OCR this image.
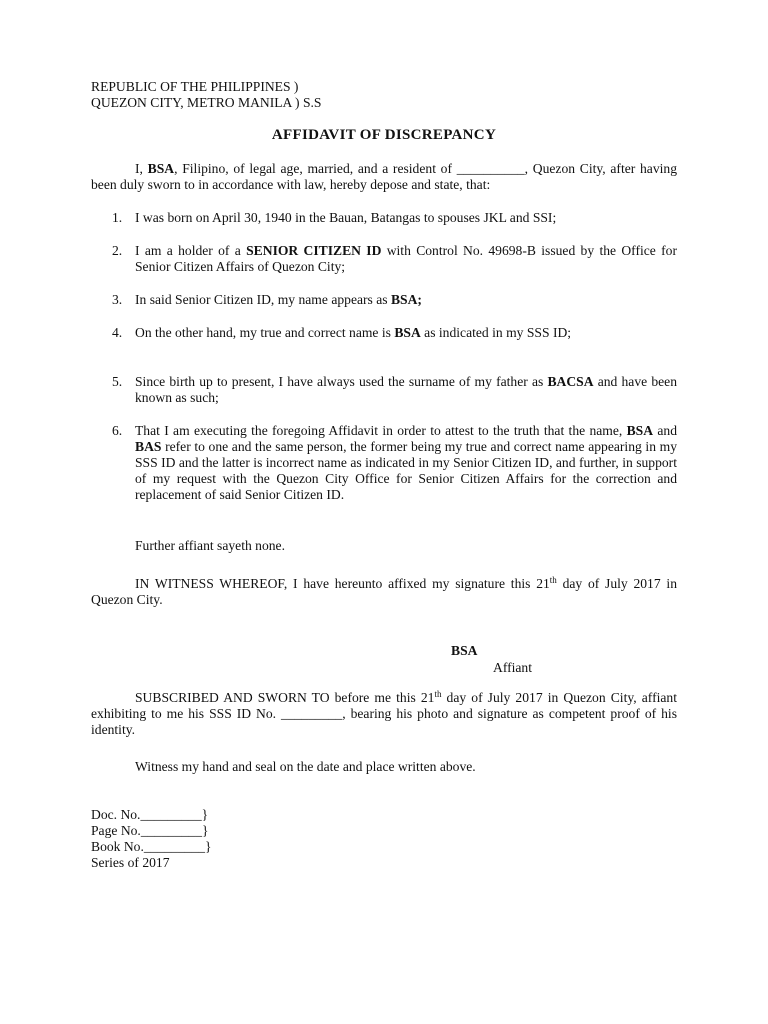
REPUBLIC OF THE PHILIPPINES )
QUEZON CITY, METRO MANILA ) S.S
AFFIDAVIT OF DISCREPANCY
I, BSA, Filipino, of legal age, married, and a resident of __________, Quezon City, after having been duly sworn to in accordance with law, hereby depose and state, that:
1. I was born on April 30, 1940 in the Bauan, Batangas to spouses JKL and SSI;
2. I am a holder of a SENIOR CITIZEN ID with Control No. 49698-B issued by the Office for Senior Citizen Affairs of Quezon City;
3. In said Senior Citizen ID, my name appears as BSA;
4. On the other hand, my true and correct name is BSA as indicated in my SSS ID;
5. Since birth up to present, I have always used the surname of my father as BACSA and have been known as such;
6. That I am executing the foregoing Affidavit in order to attest to the truth that the name, BSA and BAS refer to one and the same person, the former being my true and correct name appearing in my SSS ID and the latter is incorrect name as indicated in my Senior Citizen ID, and further, in support of my request with the Quezon City Office for Senior Citizen Affairs for the correction and replacement of said Senior Citizen ID.
Further affiant sayeth none.
IN WITNESS WHEREOF, I have hereunto affixed my signature this 21th day of July 2017 in Quezon City.
BSA
Affiant
SUBSCRIBED AND SWORN TO before me this 21th day of July 2017 in Quezon City, affiant exhibiting to me his SSS ID No. _________, bearing his photo and signature as competent proof of his identity.
Witness my hand and seal on the date and place written above.
Doc. No._________}
Page No._________}
Book No._________}
Series of 2017
